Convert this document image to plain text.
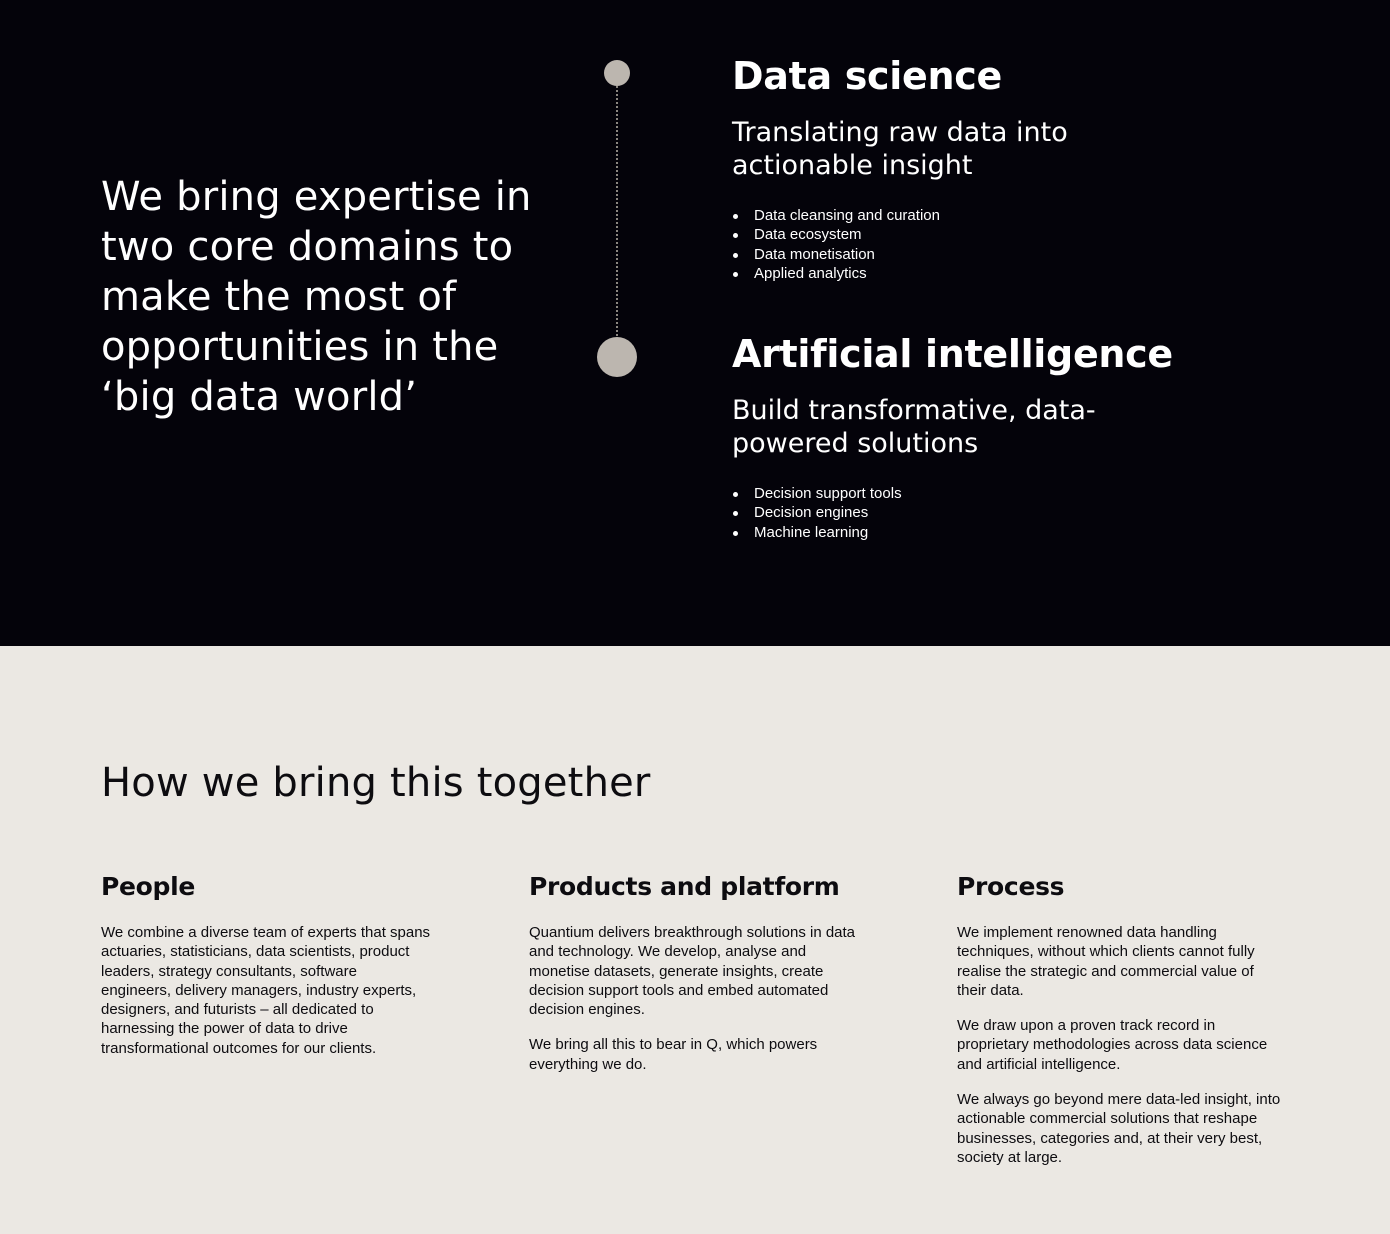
We bring expertise in two core domains to make the most of opportunities in the ‘big data world’
Data science
Translating raw data into actionable insight
Data cleansing and curation
Data ecosystem
Data monetisation
Applied analytics
Artificial intelligence
Build transformative, data-powered solutions
Decision support tools
Decision engines
Machine learning
How we bring this together
People

We combine a diverse team of experts that spans actuaries, statisticians, data scientists, product leaders, strategy consultants, software engineers, delivery managers, industry experts, designers, and futurists – all dedicated to harnessing the power of data to drive transformational outcomes for our clients.

Products and platform

Quantium delivers breakthrough solutions in data and technology. We develop, analyse and monetise datasets, generate insights, create decision support tools and embed automated decision engines.

We bring all this to bear in Q, which powers everything we do.

Process

We implement renowned data handling techniques, without which clients cannot fully realise the strategic and commercial value of their data.

We draw upon a proven track record in proprietary methodologies across data science and artificial intelligence.

We always go beyond mere data-led insight, into actionable commercial solutions that reshape businesses, categories and, at their very best, society at large.
